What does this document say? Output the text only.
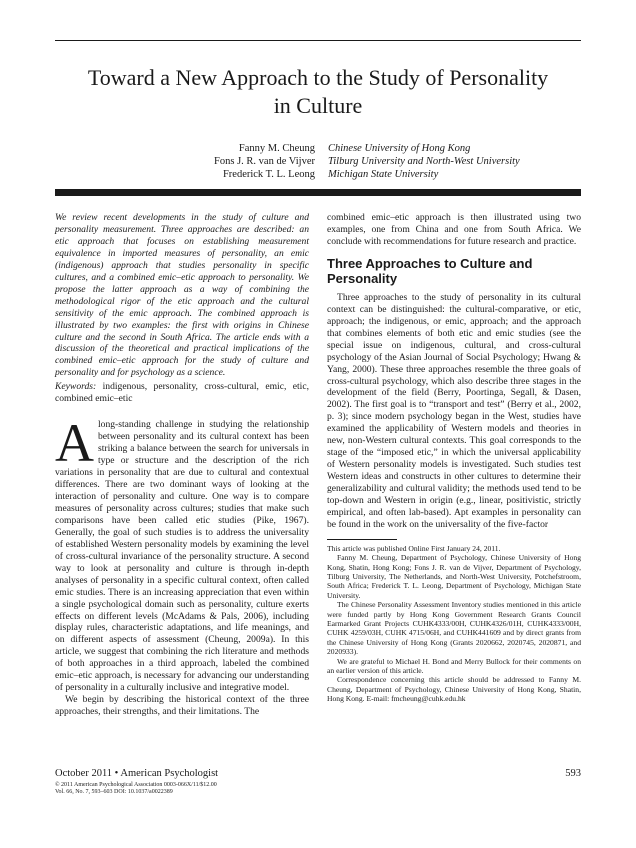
Toward a New Approach to the Study of Personality
in Culture
Fanny M. Cheung
Fons J. R. van de Vijver
Frederick T. L. Leong
Chinese University of Hong Kong
Tilburg University and North-West University
Michigan State University
We review recent developments in the study of culture and personality measurement. Three approaches are described: an etic approach that focuses on establishing measurement equivalence in imported measures of personality, an emic (indigenous) approach that studies personality in specific cultures, and a combined emic–etic approach to personality. We propose the latter approach as a way of combining the methodological rigor of the etic approach and the cultural sensitivity of the emic approach. The combined approach is illustrated by two examples: the first with origins in Chinese culture and the second in South Africa. The article ends with a discussion of the theoretical and practical implications of the combined emic–etic approach for the study of culture and personality and for psychology as a science.
Keywords: indigenous, personality, cross-cultural, emic, etic, combined emic–etic

Along-standing challenge in studying the relationship between personality and its cultural context has been striking a balance between the search for universals in type or structure and the description of the rich variations in personality that are due to cultural and contextual differences. There are two dominant ways of looking at the interaction of personality and culture. One way is to compare measures of personality across cultures; studies that make such comparisons have been called etic studies (Pike, 1967). Generally, the goal of such studies is to address the universality of established Western personality models by examining the level of cross-cultural invariance of the personality structure. A second way to look at personality and culture is through in-depth analyses of personality in a specific cultural context, often called emic studies. There is an increasing appreciation that even within a single psychological domain such as personality, culture exerts effects on different levels (McAdams & Pals, 2006), including display rules, characteristic adaptations, and life meanings, and on different aspects of assessment (Cheung, 2009a). In this article, we suggest that combining the rich literature and methods of both approaches in a third approach, labeled the combined emic–etic approach, is necessary for advancing our understanding of personality in a culturally inclusive and integrative model.

We begin by describing the historical context of the three approaches, their strengths, and their limitations. The

combined emic–etic approach is then illustrated using two examples, one from China and one from South Africa. We conclude with recommendations for future research and practice.

Three Approaches to Culture and Personality

Three approaches to the study of personality in its cultural context can be distinguished: the cultural-comparative, or etic, approach; the indigenous, or emic, approach; and the approach that combines elements of both etic and emic studies (see the special issue on indigenous, cultural, and cross-cultural psychology of the Asian Journal of Social Psychology; Hwang & Yang, 2000). These three approaches resemble the three goals of cross-cultural psychology, which also describe three stages in the development of the field (Berry, Poortinga, Segall, & Dasen, 2002). The first goal is to “transport and test” (Berry et al., 2002, p. 3); since modern psychology began in the West, studies have examined the applicability of Western models and theories in new, non-Western cultural contexts. This goal corresponds to the stage of the “imposed etic,” in which the universal applicability of Western personality models is investigated. Such studies test Western ideas and constructs in other cultures to determine their generalizability and cultural validity; the methods used tend to be top-down and Western in origin (e.g., linear, positivistic, strictly empirical, and often lab-based). Apt examples in personality can be found in the work on the universality of the five-factor

This article was published Online First January 24, 2011.

Fanny M. Cheung, Department of Psychology, Chinese University of Hong Kong, Shatin, Hong Kong; Fons J. R. van de Vijver, Department of Psychology, Tilburg University, The Netherlands, and North-West University, Potchefstroom, South Africa; Frederick T. L. Leong, Department of Psychology, Michigan State University.

The Chinese Personality Assessment Inventory studies mentioned in this article were funded partly by Hong Kong Government Research Grants Council Earmarked Grant Projects CUHK4333/00H, CUHK4326/01H, CUHK4333/00H, CUHK 4259/03H, CUHK 4715/06H, and CUHK441609 and by direct grants from the Chinese University of Hong Kong (Grants 2020662, 2020745, 2020871, and 2020933).

We are grateful to Michael H. Bond and Merry Bullock for their comments on an earlier version of this article.

Correspondence concerning this article should be addressed to Fanny M. Cheung, Department of Psychology, Chinese University of Hong Kong, Shatin, Hong Kong. E-mail: fmcheung@cuhk.edu.hk

October 2011 • American Psychologist	593
© 2011 American Psychological Association 0003-066X/11/$12.00
Vol. 66, No. 7, 593–603 DOI: 10.1037/a0022389
